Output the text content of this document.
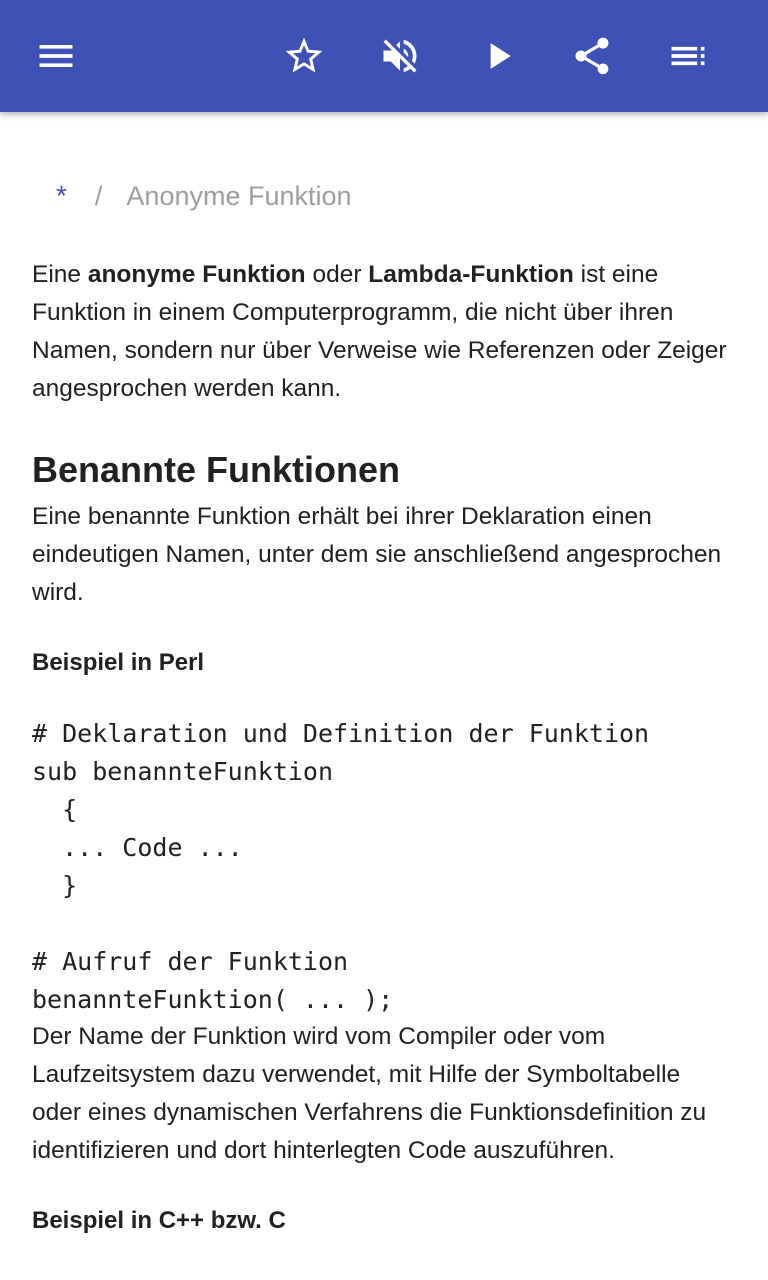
* / Anonyme Funktion

Eine anonyme Funktion oder Lambda-Funktion ist eine Funktion in einem Computerprogramm, die nicht über ihren Namen, sondern nur über Verweise wie Referenzen oder Zeiger angesprochen werden kann.

Benannte Funktionen

Eine benannte Funktion erhält bei ihrer Deklaration einen eindeutigen Namen, unter dem sie anschließend angesprochen wird.

Beispiel in Perl
# Deklaration und Definition der Funktion
sub benannteFunktion
{
... Code ...
}

# Aufruf der Funktion
benannteFunktion( ... );

Der Name der Funktion wird vom Compiler oder vom Laufzeitsystem dazu verwendet, mit Hilfe der Symboltabelle oder eines dynamischen Verfahrens die Funktionsdefinition zu identifizieren und dort hinterlegten Code auszuführen.

Beispiel in C++ bzw. C
